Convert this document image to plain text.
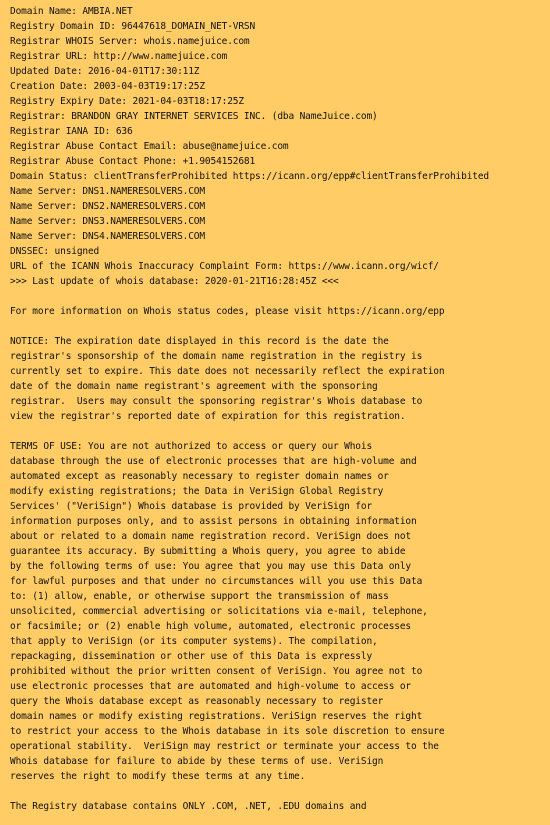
Domain Name: AMBIA.NET
Registry Domain ID: 96447618_DOMAIN_NET-VRSN
Registrar WHOIS Server: whois.namejuice.com
Registrar URL: http://www.namejuice.com
Updated Date: 2016-04-01T17:30:11Z
Creation Date: 2003-04-03T19:17:25Z
Registry Expiry Date: 2021-04-03T18:17:25Z
Registrar: BRANDON GRAY INTERNET SERVICES INC. (dba NameJuice.com)
Registrar IANA ID: 636
Registrar Abuse Contact Email: abuse@namejuice.com
Registrar Abuse Contact Phone: +1.9054152681
Domain Status: clientTransferProhibited https://icann.org/epp#clientTransferProhibited
Name Server: DNS1.NAMERESOLVERS.COM
Name Server: DNS2.NAMERESOLVERS.COM
Name Server: DNS3.NAMERESOLVERS.COM
Name Server: DNS4.NAMERESOLVERS.COM
DNSSEC: unsigned
URL of the ICANN Whois Inaccuracy Complaint Form: https://www.icann.org/wicf/
>>> Last update of whois database: 2020-01-21T16:28:45Z <<<
For more information on Whois status codes, please visit https://icann.org/epp
NOTICE: The expiration date displayed in this record is the date the
registrar's sponsorship of the domain name registration in the registry is
currently set to expire. This date does not necessarily reflect the expiration
date of the domain name registrant's agreement with the sponsoring
registrar.  Users may consult the sponsoring registrar's Whois database to
view the registrar's reported date of expiration for this registration.
TERMS OF USE: You are not authorized to access or query our Whois
database through the use of electronic processes that are high-volume and
automated except as reasonably necessary to register domain names or
modify existing registrations; the Data in VeriSign Global Registry
Services' ("VeriSign") Whois database is provided by VeriSign for
information purposes only, and to assist persons in obtaining information
about or related to a domain name registration record. VeriSign does not
guarantee its accuracy. By submitting a Whois query, you agree to abide
by the following terms of use: You agree that you may use this Data only
for lawful purposes and that under no circumstances will you use this Data
to: (1) allow, enable, or otherwise support the transmission of mass
unsolicited, commercial advertising or solicitations via e-mail, telephone,
or facsimile; or (2) enable high volume, automated, electronic processes
that apply to VeriSign (or its computer systems). The compilation,
repackaging, dissemination or other use of this Data is expressly
prohibited without the prior written consent of VeriSign. You agree not to
use electronic processes that are automated and high-volume to access or
query the Whois database except as reasonably necessary to register
domain names or modify existing registrations. VeriSign reserves the right
to restrict your access to the Whois database in its sole discretion to ensure
operational stability.  VeriSign may restrict or terminate your access to the
Whois database for failure to abide by these terms of use. VeriSign
reserves the right to modify these terms at any time.
The Registry database contains ONLY .COM, .NET, .EDU domains and
